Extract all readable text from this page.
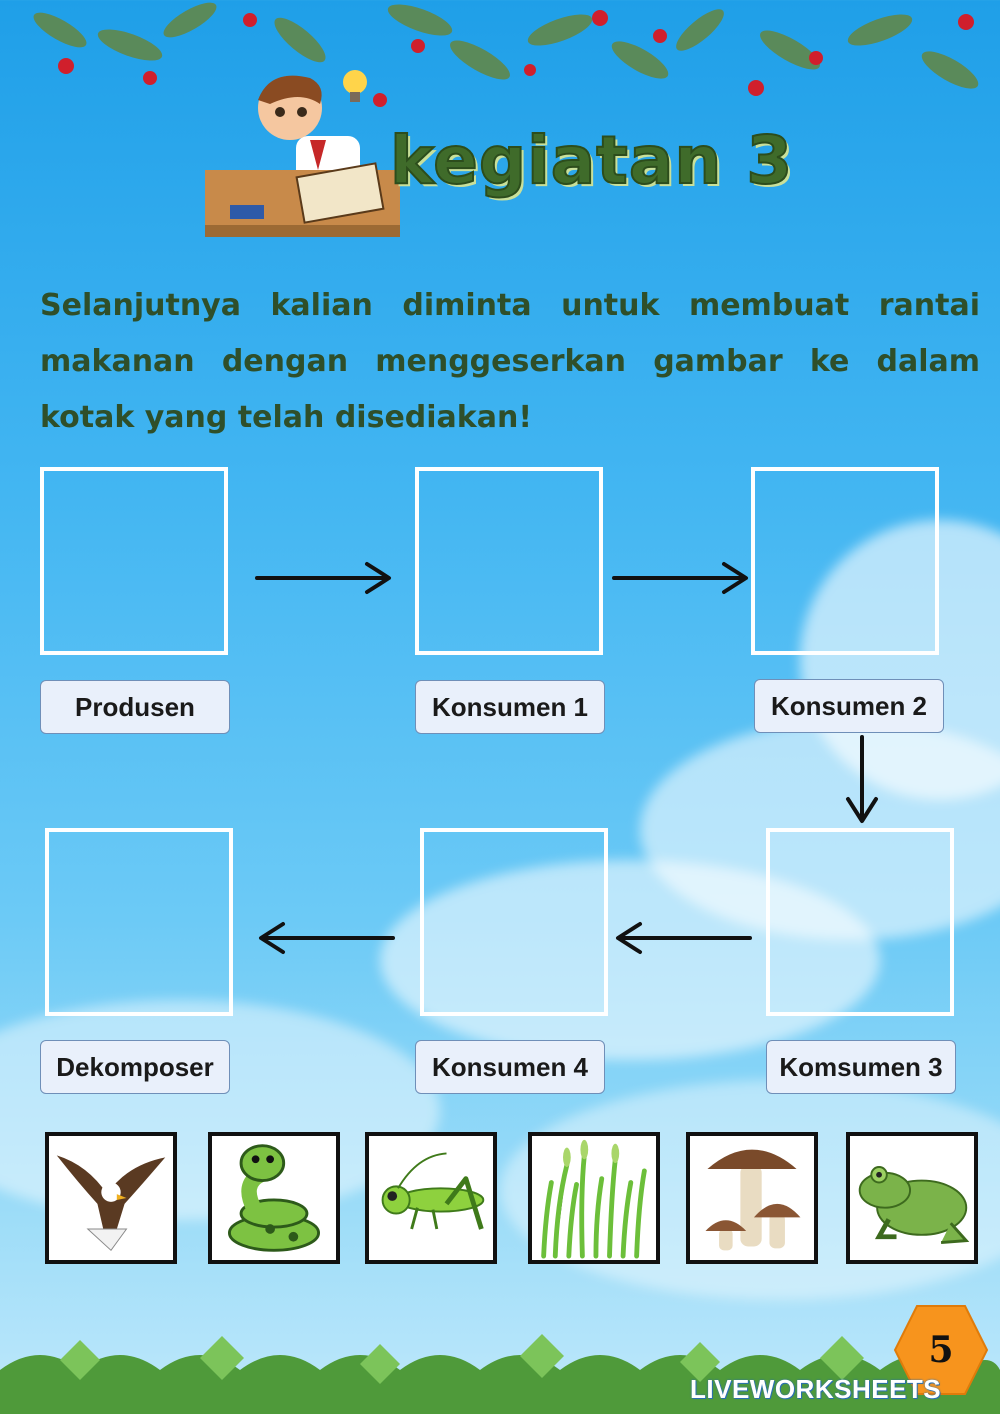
kegiatan 3
Selanjutnya kalian diminta untuk membuat rantai makanan dengan menggeserkan gambar ke dalam kotak yang telah disediakan!
Produsen	Konsumen 1	Konsumen 2
Dekomposer	Konsumen 4	Komsumen 3
5
LIVEWORKSHEETS
